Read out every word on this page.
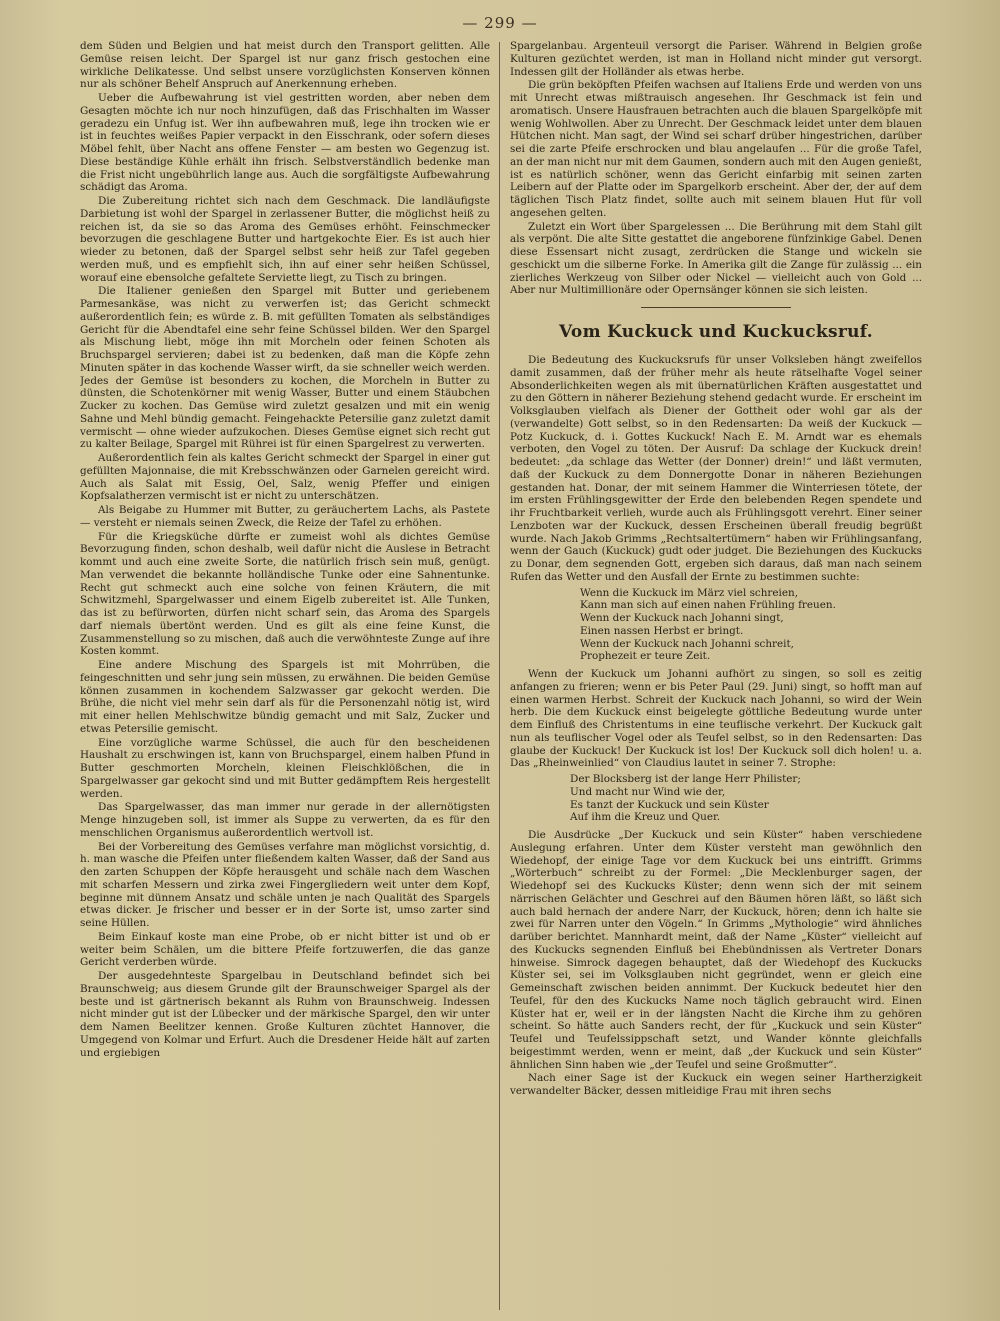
— 299 —

dem Süden und Belgien und hat meist durch den Transport gelitten. Alle Gemüse reisen leicht. Der Spargel ist nur ganz frisch gestochen eine wirkliche Delikatesse. Und selbst unsere vorzüglichsten Konserven können nur als schöner Behelf Anspruch auf Anerkennung erheben.

Ueber die Aufbewahrung ist viel gestritten worden, aber neben dem Gesagten möchte ich nur noch hinzufügen, daß das Frischhalten im Wasser geradezu ein Unfug ist. Wer ihn aufbewahren muß, lege ihn trocken wie er ist in feuchtes weißes Papier verpackt in den Eisschrank, oder sofern dieses Möbel fehlt, über Nacht ans offene Fenster — am besten wo Gegenzug ist. Diese beständige Kühle erhält ihn frisch. Selbstverständlich bedenke man die Frist nicht ungebührlich lange aus. Auch die sorgfältigste Aufbewahrung schädigt das Aroma.

Die Zubereitung richtet sich nach dem Geschmack. Die landläufigste Darbietung ist wohl der Spargel in zerlassener Butter, die möglichst heiß zu reichen ist, da sie so das Aroma des Gemüses erhöht. Feinschmecker bevorzugen die geschlagene Butter und hartgekochte Eier. Es ist auch hier wieder zu betonen, daß der Spargel selbst sehr heiß zur Tafel gegeben werden muß, und es empfiehlt sich, ihn auf einer sehr heißen Schüssel, worauf eine ebensolche gefaltete Serviette liegt, zu Tisch zu bringen.

Die Italiener genießen den Spargel mit Butter und geriebenem Parmesankäse, was nicht zu verwerfen ist; das Gericht schmeckt außerordentlich fein; es würde z. B. mit gefüllten Tomaten als selbständiges Gericht für die Abendtafel eine sehr feine Schüssel bilden. Wer den Spargel als Mischung liebt, möge ihn mit Morcheln oder feinen Schoten als Bruchspargel servieren; dabei ist zu bedenken, daß man die Köpfe zehn Minuten später in das kochende Wasser wirft, da sie schneller weich werden. Jedes der Gemüse ist besonders zu kochen, die Morcheln in Butter zu dünsten, die Schotenkörner mit wenig Wasser, Butter und einem Stäubchen Zucker zu kochen. Das Gemüse wird zuletzt gesalzen und mit ein wenig Sahne und Mehl bündig gemacht. Feingehackte Petersilie ganz zuletzt damit vermischt — ohne wieder aufzukochen. Dieses Gemüse eignet sich recht gut zu kalter Beilage, Spargel mit Rührei ist für einen Spargelrest zu verwerten.

Außerordentlich fein als kaltes Gericht schmeckt der Spargel in einer gut gefüllten Majonnaise, die mit Krebsschwänzen oder Garnelen gereicht wird. Auch als Salat mit Essig, Oel, Salz, wenig Pfeffer und einigen Kopfsalatherzen vermischt ist er nicht zu unterschätzen.

Als Beigabe zu Hummer mit Butter, zu geräuchertem Lachs, als Pastete — versteht er niemals seinen Zweck, die Reize der Tafel zu erhöhen.

Für die Kriegsküche dürfte er zumeist wohl als dichtes Gemüse Bevorzugung finden, schon deshalb, weil dafür nicht die Auslese in Betracht kommt und auch eine zweite Sorte, die natürlich frisch sein muß, genügt. Man verwendet die bekannte holländische Tunke oder eine Sahnentunke. Recht gut schmeckt auch eine solche von feinen Kräutern, die mit Schwitzmehl, Spargelwasser und einem Eigelb zubereitet ist. Alle Tunken, das ist zu befürworten, dürfen nicht scharf sein, das Aroma des Spargels darf niemals übertönt werden. Und es gilt als eine feine Kunst, die Zusammenstellung so zu mischen, daß auch die verwöhnteste Zunge auf ihre Kosten kommt.

Eine andere Mischung des Spargels ist mit Mohrrüben, die feingeschnitten und sehr jung sein müssen, zu erwähnen. Die beiden Gemüse können zusammen in kochendem Salzwasser gar gekocht werden. Die Brühe, die nicht viel mehr sein darf als für die Personenzahl nötig ist, wird mit einer hellen Mehlschwitze bündig gemacht und mit Salz, Zucker und etwas Petersilie gemischt.

Eine vorzügliche warme Schüssel, die auch für den bescheidenen Haushalt zu erschwingen ist, kann von Bruchspargel, einem halben Pfund in Butter geschmorten Morcheln, kleinen Fleischklößchen, die in Spargelwasser gar gekocht sind und mit Butter gedämpftem Reis hergestellt werden.

Das Spargelwasser, das man immer nur gerade in der allernötigsten Menge hinzugeben soll, ist immer als Suppe zu verwerten, da es für den menschlichen Organismus außerordentlich wertvoll ist.

Bei der Vorbereitung des Gemüses verfahre man möglichst vorsichtig, d. h. man wasche die Pfeifen unter fließendem kalten Wasser, daß der Sand aus den zarten Schuppen der Köpfe herausgeht und schäle nach dem Waschen mit scharfen Messern und zirka zwei Fingergliedern weit unter dem Kopf, beginne mit dünnem Ansatz und schäle unten je nach Qualität des Spargels etwas dicker. Je frischer und besser er in der Sorte ist, umso zarter sind seine Hüllen.

Beim Einkauf koste man eine Probe, ob er nicht bitter ist und ob er weiter beim Schälen, um die bittere Pfeife fortzuwerfen, die das ganze Gericht verderben würde.

Der ausgedehnteste Spargelbau in Deutschland befindet sich bei Braunschweig; aus diesem Grunde gilt der Braunschweiger Spargel als der beste und ist gärtnerisch bekannt als Ruhm von Braunschweig. Indessen nicht minder gut ist der Lübecker und der märkische Spargel, den wir unter dem Namen Beelitzer kennen. Große Kulturen züchtet Hannover, die Umgegend von Kolmar und Erfurt. Auch die Dresdener Heide hält auf zarten und ergiebigen

Spargelanbau. Argenteuil versorgt die Pariser. Während in Belgien große Kulturen gezüchtet werden, ist man in Holland nicht minder gut versorgt. Indessen gilt der Holländer als etwas herbe.

Die grün beköpften Pfeifen wachsen auf Italiens Erde und werden von uns mit Unrecht etwas mißtrauisch angesehen. Ihr Geschmack ist fein und aromatisch. Unsere Hausfrauen betrachten auch die blauen Spargelköpfe mit wenig Wohlwollen. Aber zu Unrecht. Der Geschmack leidet unter dem blauen Hütchen nicht. Man sagt, der Wind sei scharf drüber hingestrichen, darüber sei die zarte Pfeife erschrocken und blau angelaufen ... Für die große Tafel, an der man nicht nur mit dem Gaumen, sondern auch mit den Augen genießt, ist es natürlich schöner, wenn das Gericht einfarbig mit seinen zarten Leibern auf der Platte oder im Spargelkorb erscheint. Aber der, der auf dem täglichen Tisch Platz findet, sollte auch mit seinem blauen Hut für voll angesehen gelten.

Zuletzt ein Wort über Spargelessen ... Die Berührung mit dem Stahl gilt als verpönt. Die alte Sitte gestattet die angeborene fünfzinkige Gabel. Denen diese Essensart nicht zusagt, zerdrücken die Stange und wickeln sie geschickt um die silberne Forke. In Amerika gilt die Zange für zulässig ... ein zierliches Werkzeug von Silber oder Nickel — vielleicht auch von Gold ... Aber nur Multimillionäre oder Opernsänger können sie sich leisten.

Vom Kuckuck und Kuckucksruf.

Die Bedeutung des Kuckucksrufs für unser Volksleben hängt zweifellos damit zusammen, daß der früher mehr als heute rätselhafte Vogel seiner Absonderlichkeiten wegen als mit übernatürlichen Kräften ausgestattet und zu den Göttern in näherer Beziehung stehend gedacht wurde. Er erscheint im Volksglauben vielfach als Diener der Gottheit oder wohl gar als der (verwandelte) Gott selbst, so in den Redensarten: Da weiß der Kuckuck — Potz Kuckuck, d. i. Gottes Kuckuck! Nach E. M. Arndt war es ehemals verboten, den Vogel zu töten. Der Ausruf: Da schlage der Kuckuck drein! bedeutet: „da schlage das Wetter (der Donner) drein!“ und läßt vermuten, daß der Kuckuck zu dem Donnergotte Donar in näheren Beziehungen gestanden hat. Donar, der mit seinem Hammer die Winterriesen tötete, der im ersten Frühlingsgewitter der Erde den belebenden Regen spendete und ihr Fruchtbarkeit verlieh, wurde auch als Frühlingsgott verehrt. Einer seiner Lenzboten war der Kuckuck, dessen Erscheinen überall freudig begrüßt wurde. Nach Jakob Grimms „Rechtsaltertümern“ haben wir Frühlingsanfang, wenn der Gauch (Kuckuck) gudt oder judget. Die Beziehungen des Kuckucks zu Donar, dem segnenden Gott, ergeben sich daraus, daß man nach seinem Rufen das Wetter und den Ausfall der Ernte zu bestimmen suchte:

Wenn die Kuckuck im März viel schreien,
Kann man sich auf einen nahen Frühling freuen.
Wenn der Kuckuck nach Johanni singt,
Einen nassen Herbst er bringt.
Wenn der Kuckuck nach Johanni schreit,
Prophezeit er teure Zeit.

Wenn der Kuckuck um Johanni aufhört zu singen, so soll es zeitig anfangen zu frieren; wenn er bis Peter Paul (29. Juni) singt, so hofft man auf einen warmen Herbst. Schreit der Kuckuck nach Johanni, so wird der Wein herb. Die dem Kuckuck einst beigelegte göttliche Bedeutung wurde unter dem Einfluß des Christentums in eine teuflische verkehrt. Der Kuckuck galt nun als teuflischer Vogel oder als Teufel selbst, so in den Redensarten: Das glaube der Kuckuck! Der Kuckuck ist los! Der Kuckuck soll dich holen! u. a. Das „Rheinweinlied“ von Claudius lautet in seiner 7. Strophe:

Der Blocksberg ist der lange Herr Philister;
Und macht nur Wind wie der,
Es tanzt der Kuckuck und sein Küster
Auf ihm die Kreuz und Quer.

Die Ausdrücke „Der Kuckuck und sein Küster“ haben verschiedene Auslegung erfahren. Unter dem Küster versteht man gewöhnlich den Wiedehopf, der einige Tage vor dem Kuckuck bei uns eintrifft. Grimms „Wörterbuch“ schreibt zu der Formel: „Die Mecklenburger sagen, der Wiedehopf sei des Kuckucks Küster; denn wenn sich der mit seinem närrischen Gelächter und Geschrei auf den Bäumen hören läßt, so läßt sich auch bald hernach der andere Narr, der Kuckuck, hören; denn ich halte sie zwei für Narren unter den Vögeln.“ In Grimms „Mythologie“ wird ähnliches darüber berichtet. Mannhardt meint, daß der Name „Küster“ vielleicht auf des Kuckucks segnenden Einfluß bei Ehebündnissen als Vertreter Donars hinweise. Simrock dagegen behauptet, daß der Wiedehopf des Kuckucks Küster sei, sei im Volksglauben nicht gegründet, wenn er gleich eine Gemeinschaft zwischen beiden annimmt. Der Kuckuck bedeutet hier den Teufel, für den des Kuckucks Name noch täglich gebraucht wird. Einen Küster hat er, weil er in der längsten Nacht die Kirche ihm zu gehören scheint. So hätte auch Sanders recht, der für „Kuckuck und sein Küster“ Teufel und Teufelssippschaft setzt, und Wander könnte gleichfalls beigestimmt werden, wenn er meint, daß „der Kuckuck und sein Küster“ ähnlichen Sinn haben wie „der Teufel und seine Großmutter“.

Nach einer Sage ist der Kuckuck ein wegen seiner Hartherzigkeit verwandelter Bäcker, dessen mitleidige Frau mit ihren sechs
